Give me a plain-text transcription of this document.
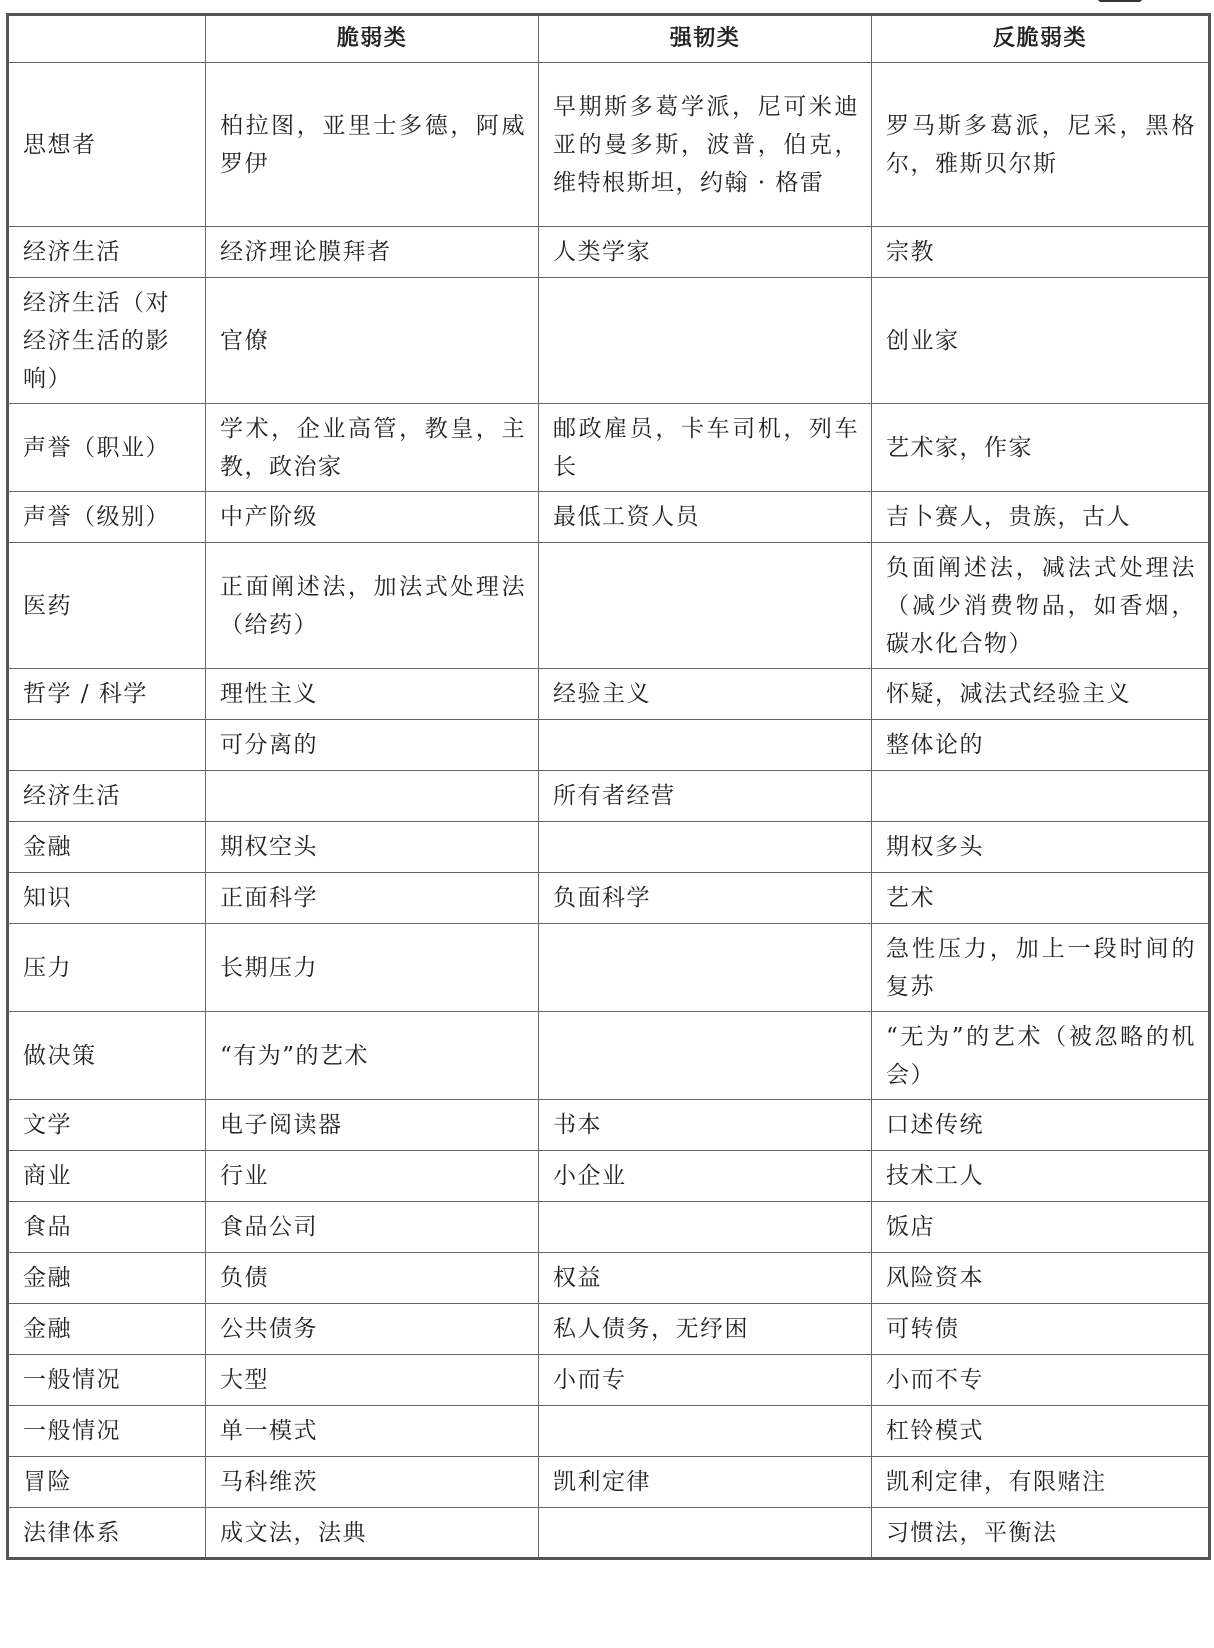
	脆弱类	强韧类	反脆弱类
思想者	柏拉图，亚里士多德，阿威罗伊	早期斯多葛学派，尼可米迪亚的曼多斯，波普，伯克，维特根斯坦，约翰 · 格雷	罗马斯多葛派，尼采，黑格尔，雅斯贝尔斯
经济生活	经济理论膜拜者	人类学家	宗教
经济生活（对经济生活的影响）	官僚		创业家
声誉（职业）	学术，企业高管，教皇，主教，政治家	邮政雇员，卡车司机，列车长	艺术家，作家
声誉（级别）	中产阶级	最低工资人员	吉卜赛人，贵族，古人
医药	正面阐述法，加法式处理法（给药）		负面阐述法，减法式处理法（减少消费物品，如香烟，碳水化合物）
哲学 / 科学	理性主义	经验主义	怀疑，减法式经验主义
	可分离的		整体论的
经济生活		所有者经营	
金融	期权空头		期权多头
知识	正面科学	负面科学	艺术
压力	长期压力		急性压力，加上一段时间的复苏
做决策	“有为”的艺术		“无为”的艺术（被忽略的机会）
文学	电子阅读器	书本	口述传统
商业	行业	小企业	技术工人
食品	食品公司		饭店
金融	负债	权益	风险资本
金融	公共债务	私人债务，无纾困	可转债
一般情况	大型	小而专	小而不专
一般情况	单一模式		杠铃模式
冒险	马科维茨	凯利定律	凯利定律，有限赌注
法律体系	成文法，法典		习惯法，平衡法
